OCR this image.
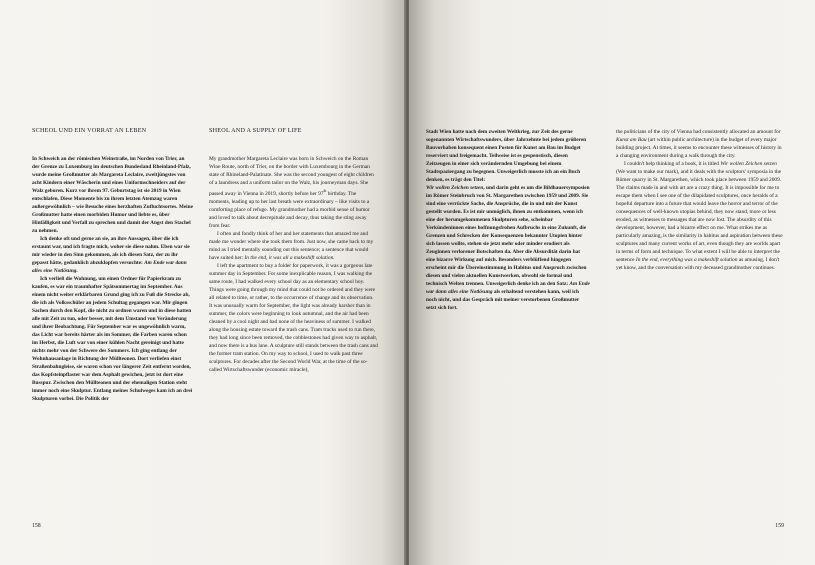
SCHEOL UND EIN VORRAT AN LEBEN	SHEOL AND A SUPPLY OF LIFE

In Schweich an der römischen Weinstraße, im Norden von Trier, an der Grenze zu Luxemburg im deutschen Bundesland Rheinland-Pfalz, wurde meine Großmutter als Margareta Leclaire, zweitjüngstes von acht Kindern einer Wäscherin und eines Uniformschneiders auf der Walz geboren. Kurz vor ihrem 97. Geburtstag ist sie 2019 in Wien entschlafen. Diese Momente bis zu ihrem letzten Atemzug waren außergewöhnlich – wie Besuche eines herzhaften Zufluchtsortes. Meine Großmutter hatte einen morbiden Humor und liebte es, über Hinfälligkeit und Verfall zu sprechen und damit der Angst den Stachel zu nehmen.

Ich denke oft und gerne an sie, an ihre Aussagen, über die ich erstaunt war, und ich fragte mich, woher sie diese nahm. Eben war sie mir wieder in den Sinn gekommen, als ich diesen Satz, der zu ihr gepasst hätte, gedanklich abzuklopfen versuchte: Am Ende war dann alles eine Notlösung.

Ich verließ die Wohnung, um einen Ordner für Papierkram zu kaufen, es war ein traumhafter Spätsommertag im September. Aus einem nicht weiter erklärbaren Grund ging ich zu Fuß die Strecke ab, die ich als Volksschüler an jedem Schultag gegangen war. Mir gingen Sachen durch den Kopf, die nicht zu ordnen waren und in diese hatten alle mit Zeit zu tun, oder besser, mit dem Umstand von Veränderung und ihrer Beobachtung. Für September war es ungewöhnlich warm, das Licht war bereits härter als im Sommer, die Farben waren schon im Herbst, die Luft war von einer kühlen Nacht gereinigt und hatte nichts mehr von der Schwere des Sommers. Ich ging entlang der Wohnhausanlage in Richtung der Müllteonen. Dort verliefen einst Straßenbahngleise, sie waren schon vor längerer Zeit entfernt worden, das Kopfsteinpflaster war dem Asphalt gewichen, jetzt ist dort eine Busspur. Zwischen den Müllteonen und der ehemaligen Station steht immer noch eine Skulptur. Entlang meines Schulweges kam ich an drei Skulpturen vorbei. Die Politik der

My grandmother Margareta Leclaire was born in Schweich on the Roman Wine Route, north of Trier, on the border with Luxembourg in the German state of Rhineland-Palatinate. She was the second youngest of eight children of a laundress and a uniform tailor on the Walz, his journeyman days. She passed away in Vienna in 2019, shortly before her 97th birthday. The moments, leading up to her last breath were extraordinary – like visits to a comforting place of refuge. My grandmother had a morbid sense of humor and loved to talk about decrepitude and decay, thus taking the sting away from fear.

I often and fondly think of her and her statements that amazed me and made me wonder where she took them from. Just now, she came back to my mind as I tried mentally sounding out this sentence; a sentence that would have suited her: In the end, it was all a makeshift solution.

I left the apartment to buy a folder for paperwork, it was a gorgeous late summer day in September. For some inexplicable reason, I was walking the same route, I had walked every school day as an elementary school boy. Things were going through my mind that could not be ordered and they were all related to time, or rather, to the occurrence of change and its observation. It was unusually warm for September, the light was already harsher than in summer, the colors were beginning to look autumnal, and the air had been cleaned by a cool night and had none of the heaviness of summer. I walked along the housing estate toward the trash cans. Tram tracks used to run there, they had long since been removed, the cobblestones had given way to asphalt, and now there is a bus lane. A sculpture still stands between the trash cans and the former tram station. On my way to school, I used to walk past three sculptures. For decades after the Second World War, at the time of the so-called Wirtschaftswunder (economic miracle),

158

Stadt Wien hatte nach dem zweiten Weltkrieg, zur Zeit des gerne sogenannten Wirtschaftswunders, über Jahrzehnte bei jedem größeren Bauvorhaben konsequent einen Posten für Kunst am Bau im Budget reserviert und freigemacht. Teilweise ist es gespenstisch, diesen Zeitzeugen in einer sich verändernden Umgebung bei einem Stadtspaziergang zu begegnen. Unweigerlich musste ich an ein Buch denken, es trägt den Titel:

Wir wollen Zeichen setzen, und darin geht es um die Bildhauersymposien im Römer Steinbruch von St. Margarethen zwischen 1959 und 2009. Sie sind eine verrückte Sache, die Ansprüche, die in und mit der Kunst gestellt wurden. Es ist mir unmöglich, ihnen zu entkommen, wenn ich eine der herumgekommenen Skulpturen sehe, scheinbar Verkündeninnen eines hoffnungsfrohen Aufbruchs in eine Zukunft, die Grenzen und Schrecken der Konsequenzen bekannter Utopien hinter sich lassen wollte, stehen sie jetzt mehr oder minder erodiert als Zeuginnen verlorener Botschaften da. Aber die Absurdität darin hat eine bizarre Wirkung auf mich. Besonders verblüffend hingegen erscheint mir die Übereinstimmung in Habitus und Anspruch zwischen diesen und vielen aktuellen Kunstwerken, obwohl sie formal und technisch Welten trennen. Unweigerlich denke ich an den Satz: Am Ende war dann alles eine Notlösung als erhaltend verstehen kann, weil ich noch nicht, und das Gespräch mit meiner verstorbenen Großmutter setzt sich fort.

the politicians of the city of Vienna had consistently allocated an amount for Kunst am Bau (art within public architecture) in the budget of every major building project. At times, it seems to encounter these witnesses of history in a changing environment during a walk through the city.

I couldn't help thinking of a book, it is titled Wir wollen Zeichen setzen (We want to make our mark), and it deals with the sculptors' symposia in the Römer quarry in St. Margarethen, which took place between 1959 and 2009. The claims made in and with art are a crazy thing. It is impossible for me to escape them when I see one of the dilapidated sculptures, once heralds of a hopeful departure into a future that would leave the horror and terror of the consequences of well-known utopias behind, they now stand, more or less eroded, as witnesses to messages that are now lost. The absurdity of this development, however, had a bizarre effect on me. What strikes me as particularly amazing, is the similarity in habitus and aspiration between these sculptures and many current works of art, even though they are worlds apart in terms of form and technique. To what extent I will be able to interpret the sentence In the end, everything was a makeshift solution as amusing, I don't yet know, and the conversation with my deceased grandmother continues.

159
